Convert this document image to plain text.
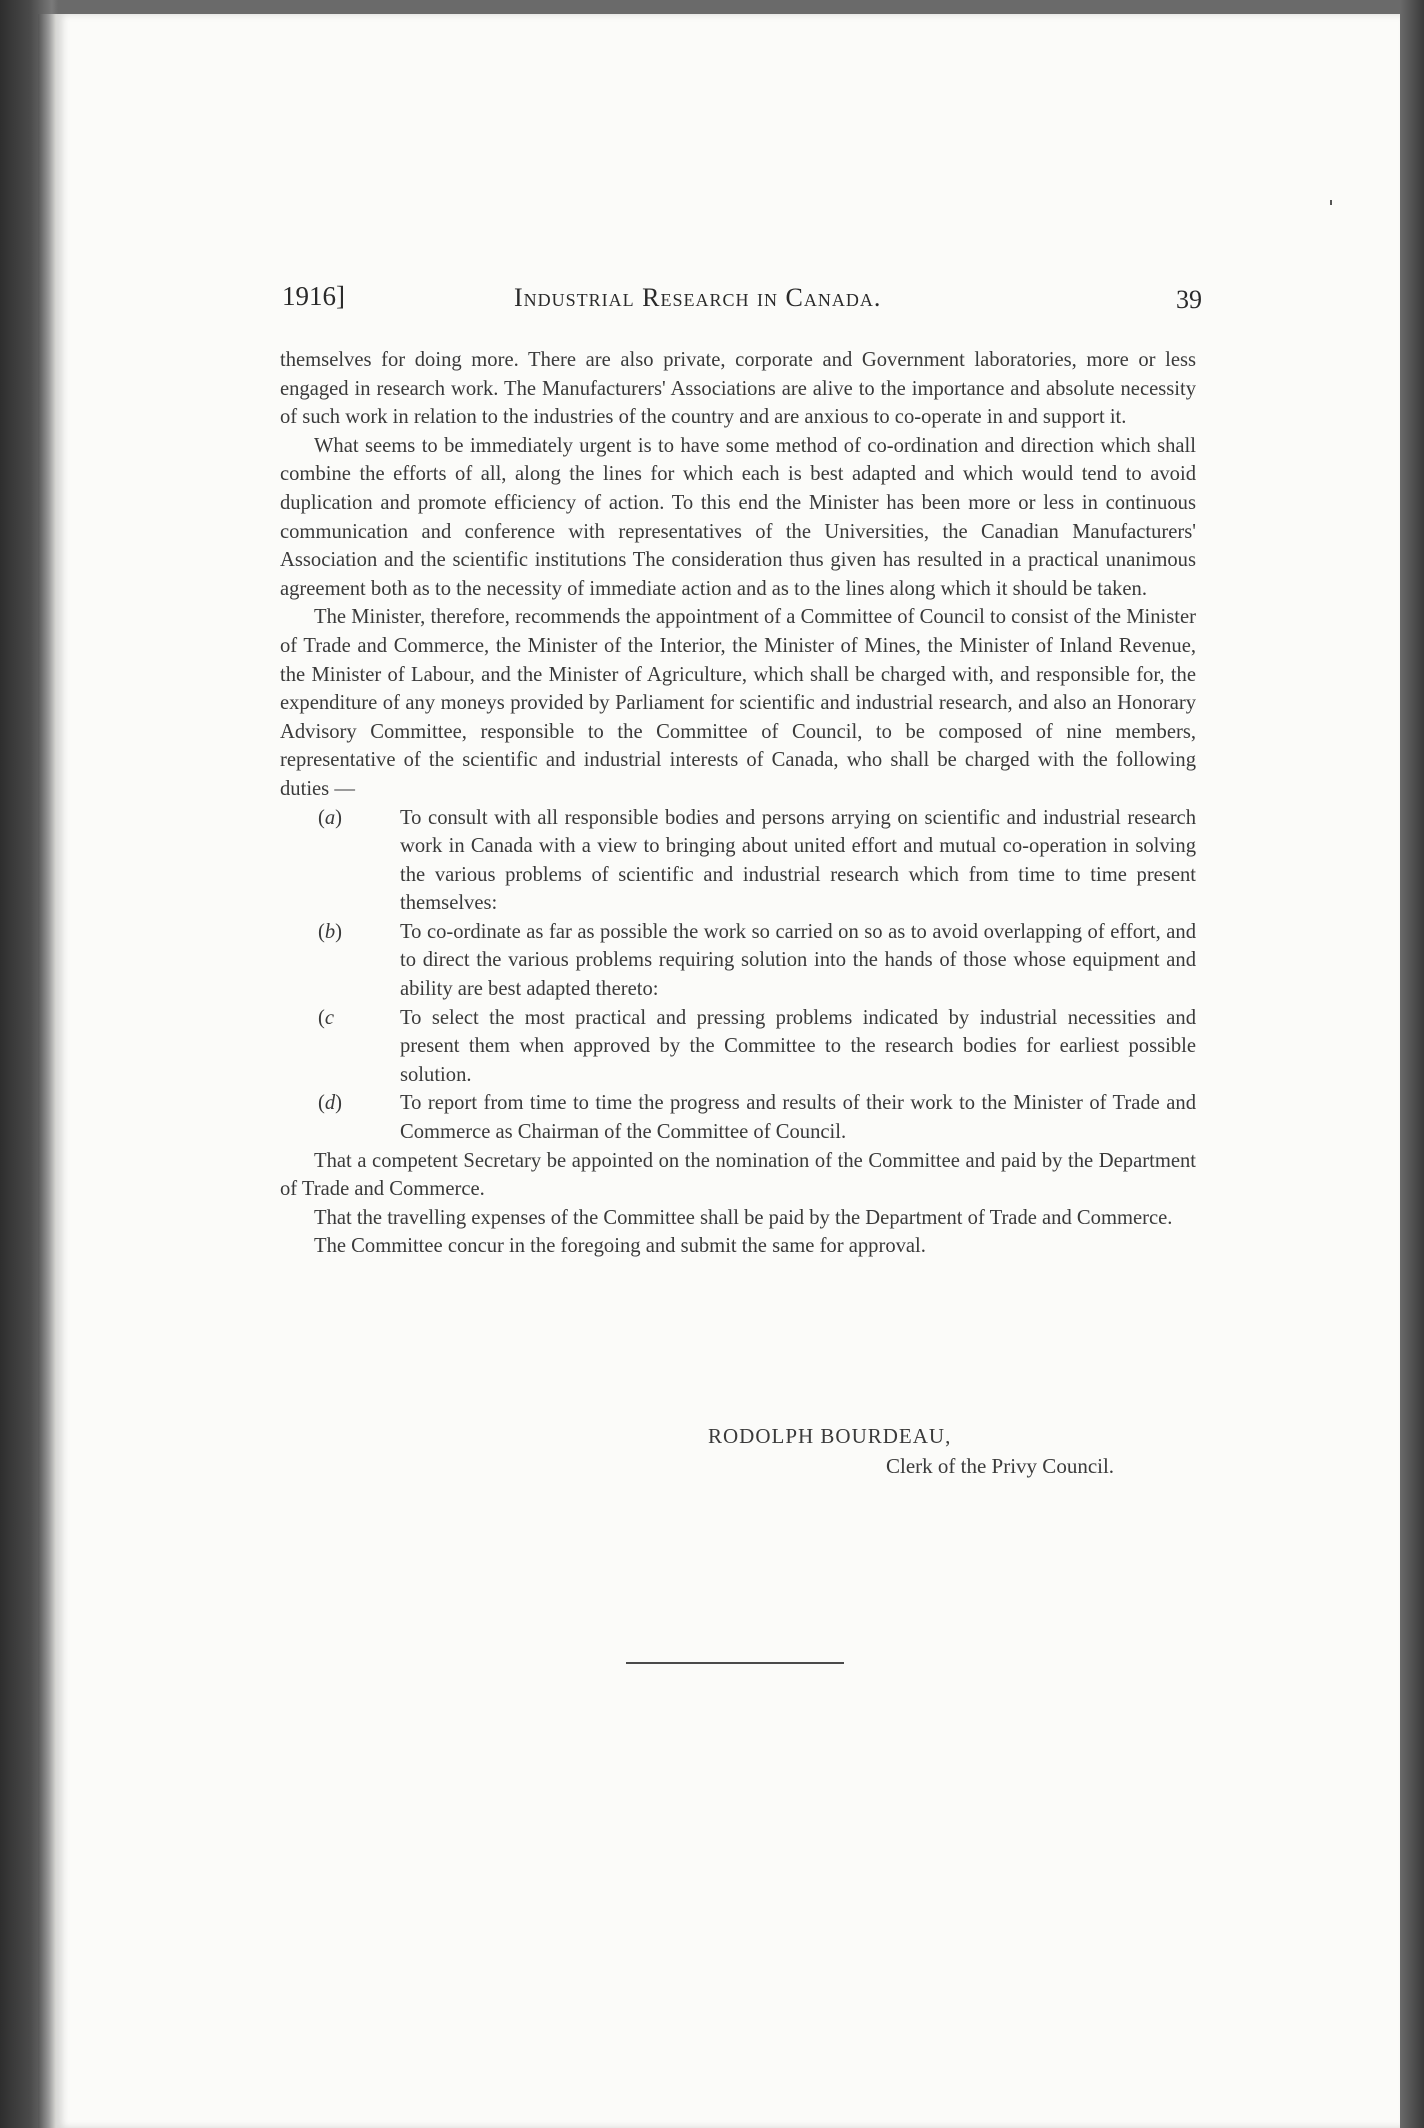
1916]	Industrial Research in Canada.	39

themselves for doing more. There are also private, corporate and Government laboratories, more or less engaged in research work. The Manufacturers' Associations are alive to the importance and absolute necessity of such work in relation to the industries of the country and are anxious to co-operate in and support it.

What seems to be immediately urgent is to have some method of co-ordination and direction which shall combine the efforts of all, along the lines for which each is best adapted and which would tend to avoid duplication and promote efficiency of action. To this end the Minister has been more or less in continuous communication and conference with representatives of the Universities, the Canadian Manufacturers' Association and the scientific institutions The consideration thus given has resulted in a practical unanimous agreement both as to the necessity of immediate action and as to the lines along which it should be taken.

The Minister, therefore, recommends the appointment of a Committee of Council to consist of the Minister of Trade and Commerce, the Minister of the Interior, the Minister of Mines, the Minister of Inland Revenue, the Minister of Labour, and the Minister of Agriculture, which shall be charged with, and responsible for, the expenditure of any moneys provided by Parliament for scientific and industrial research, and also an Honorary Advisory Committee, responsible to the Committee of Council, to be composed of nine members, representative of the scientific and industrial interests of Canada, who shall be charged with the following duties —

(a)	To consult with all responsible bodies and persons arrying on scientific and industrial research work in Canada with a view to bringing about united effort and mutual co-operation in solving the various problems of scientific and industrial research which from time to time present themselves:
(b)	To co-ordinate as far as possible the work so carried on so as to avoid overlapping of effort, and to direct the various problems requiring solution into the hands of those whose equipment and ability are best adapted thereto:
(c	To select the most practical and pressing problems indicated by industrial necessities and present them when approved by the Committee to the research bodies for earliest possible solution.
(d)	To report from time to time the progress and results of their work to the Minister of Trade and Commerce as Chairman of the Committee of Council.

That a competent Secretary be appointed on the nomination of the Committee and paid by the Department of Trade and Commerce.

That the travelling expenses of the Committee shall be paid by the Department of Trade and Commerce.

The Committee concur in the foregoing and submit the same for approval.

RODOLPH BOURDEAU,
Clerk of the Privy Council.
